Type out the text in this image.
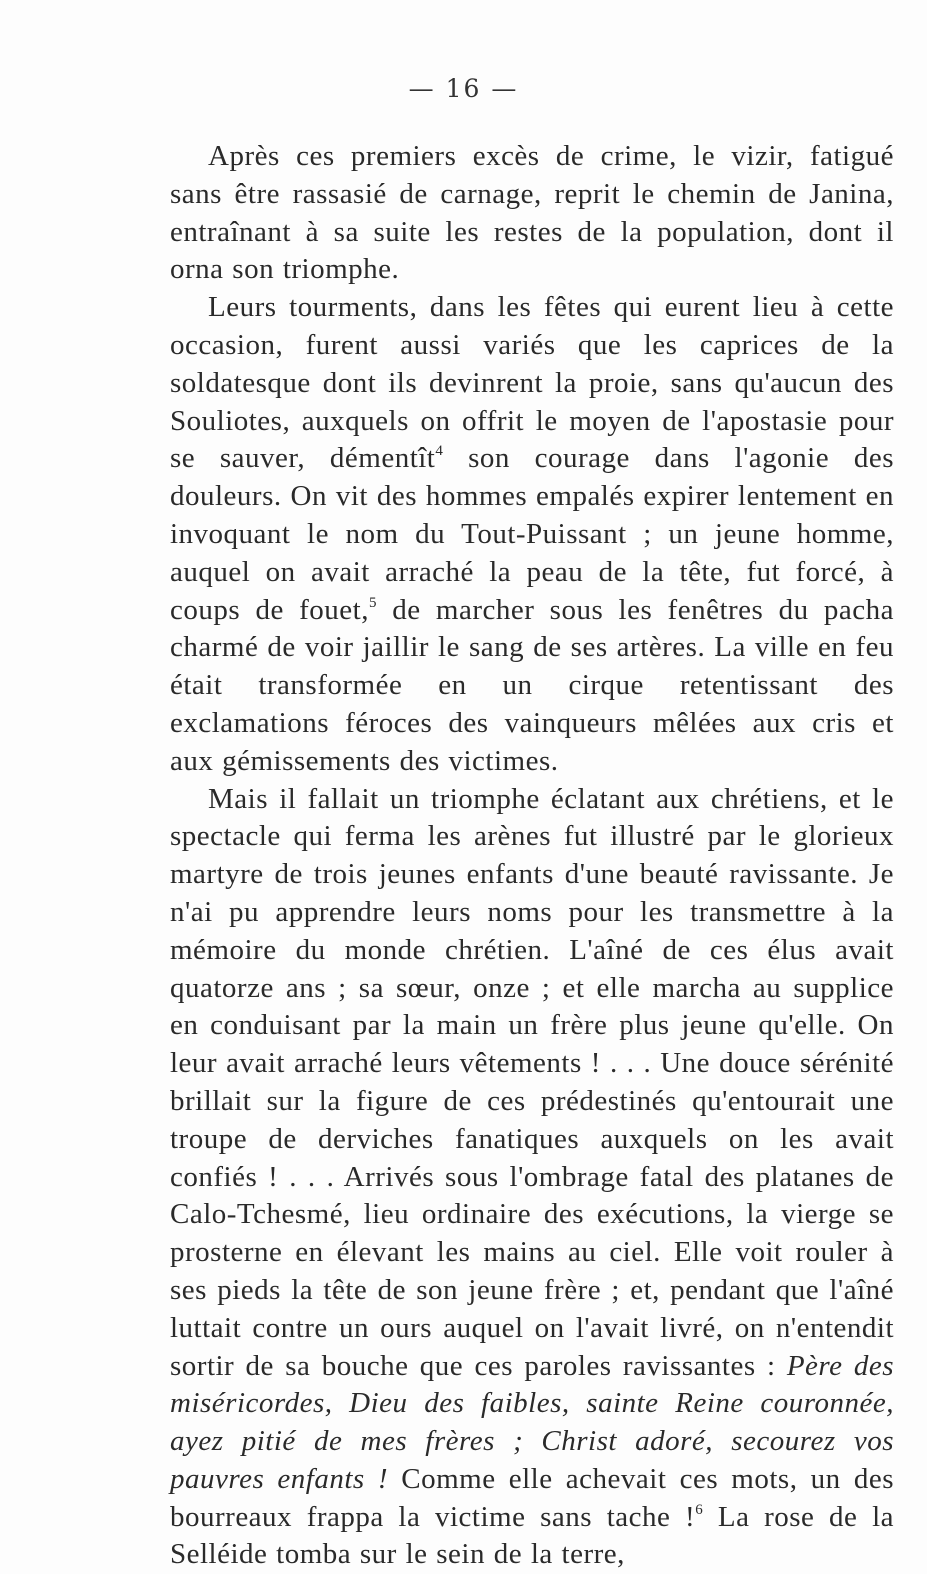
— 16 —

Après ces premiers excès de crime, le vizir, fatigué sans être rassasié de carnage, reprit le chemin de Janina, entraînant à sa suite les restes de la population, dont il orna son triomphe.

Leurs tourments, dans les fêtes qui eurent lieu à cette occasion, furent aussi variés que les caprices de la soldatesque dont ils devinrent la proie, sans qu'aucun des Souliotes, auxquels on offrit le moyen de l'apostasie pour se sauver, démentît$^4$ son courage dans l'agonie des douleurs. On vit des hommes empalés expirer lentement en invoquant le nom du Tout-Puissant ; un jeune homme, auquel on avait arraché la peau de la tête, fut forcé, à coups de fouet,$^5$ de marcher sous les fenêtres du pacha charmé de voir jaillir le sang de ses artères. La ville en feu était transformée en un cirque retentissant des exclamations féroces des vainqueurs mêlées aux cris et aux gémissements des victimes.

Mais il fallait un triomphe éclatant aux chrétiens, et le spectacle qui ferma les arènes fut illustré par le glorieux martyre de trois jeunes enfants d'une beauté ravissante. Je n'ai pu apprendre leurs noms pour les transmettre à la mémoire du monde chrétien. L'aîné de ces élus avait quatorze ans ; sa sœur, onze ; et elle marcha au supplice en conduisant par la main un frère plus jeune qu'elle. On leur avait arraché leurs vêtements ! . . . Une douce sérénité brillait sur la figure de ces prédestinés qu'entourait une troupe de derviches fanatiques auxquels on les avait confiés ! . . . Arrivés sous l'ombrage fatal des platanes de Calo-Tchesmé, lieu ordinaire des exécutions, la vierge se prosterne en élevant les mains au ciel. Elle voit rouler à ses pieds la tête de son jeune frère ; et, pendant que l'aîné luttait contre un ours auquel on l'avait livré, on n'entendit sortir de sa bouche que ces paroles ravissantes : Père des miséricordes, Dieu des faibles, sainte Reine couronnée, ayez pitié de mes frères ; Christ adoré, secourez vos pauvres enfants ! Comme elle achevait ces mots, un des bourreaux frappa la victime sans tache !$^6$ La rose de la Selléide tomba sur le sein de la terre,
